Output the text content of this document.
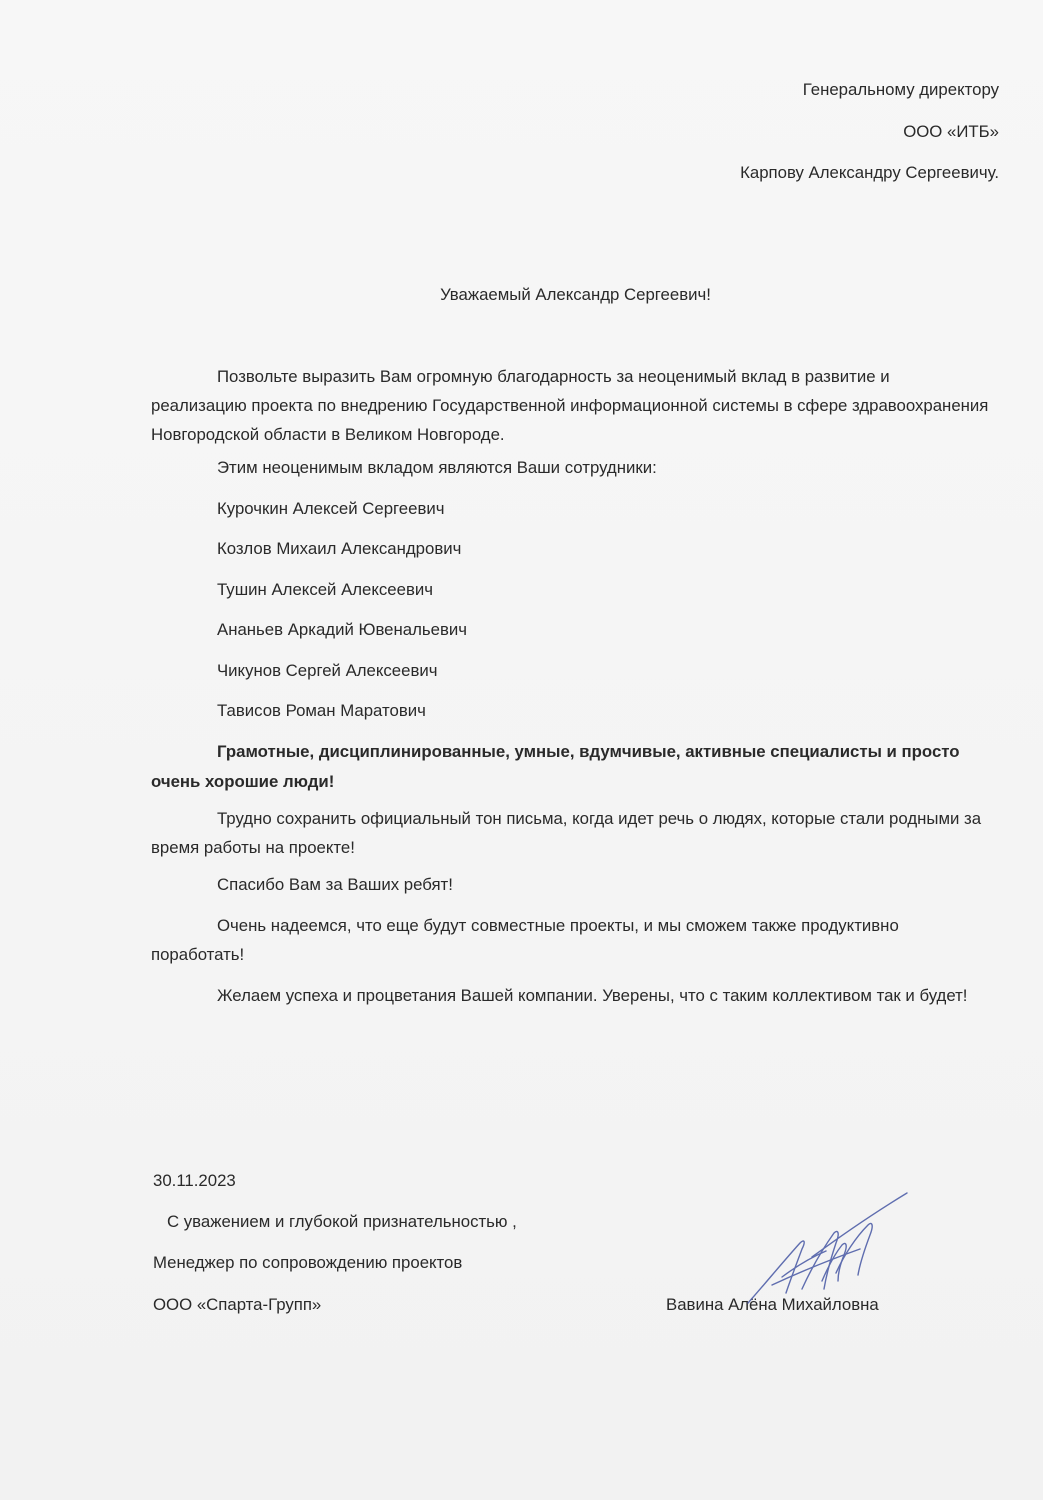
Генеральному директору

ООО «ИТБ»

Карпову Александру Сергеевичу.

Уважаемый Александр Сергеевич!

Позвольте выразить Вам огромную благодарность за неоценимый вклад в развитие и реализацию проекта по внедрению Государственной информационной системы в сфере здравоохранения Новгородской области в Великом Новгороде.

Этим неоценимым вкладом являются Ваши сотрудники:

Курочкин Алексей Сергеевич
Козлов Михаил Александрович
Тушин Алексей Алексеевич
Ананьев Аркадий Ювенальевич
Чикунов Сергей Алексеевич
Тависов Роман Маратович

Грамотные, дисциплинированные, умные, вдумчивые, активные специалисты и просто очень хорошие люди!

Трудно сохранить официальный тон письма, когда идет речь о людях, которые стали родными за время работы на проекте!

Спасибо Вам за Ваших ребят!

Очень надеемся, что еще будут совместные проекты, и мы сможем также продуктивно поработать!

Желаем успеха и процветания Вашей компании. Уверены, что с таким коллективом так и будет!

30.11.2023

С уважением и глубокой признательностью ,

Менеджер по сопровождению проектов

ООО «Спарта-Групп»	Вавина Алёна Михайловна
